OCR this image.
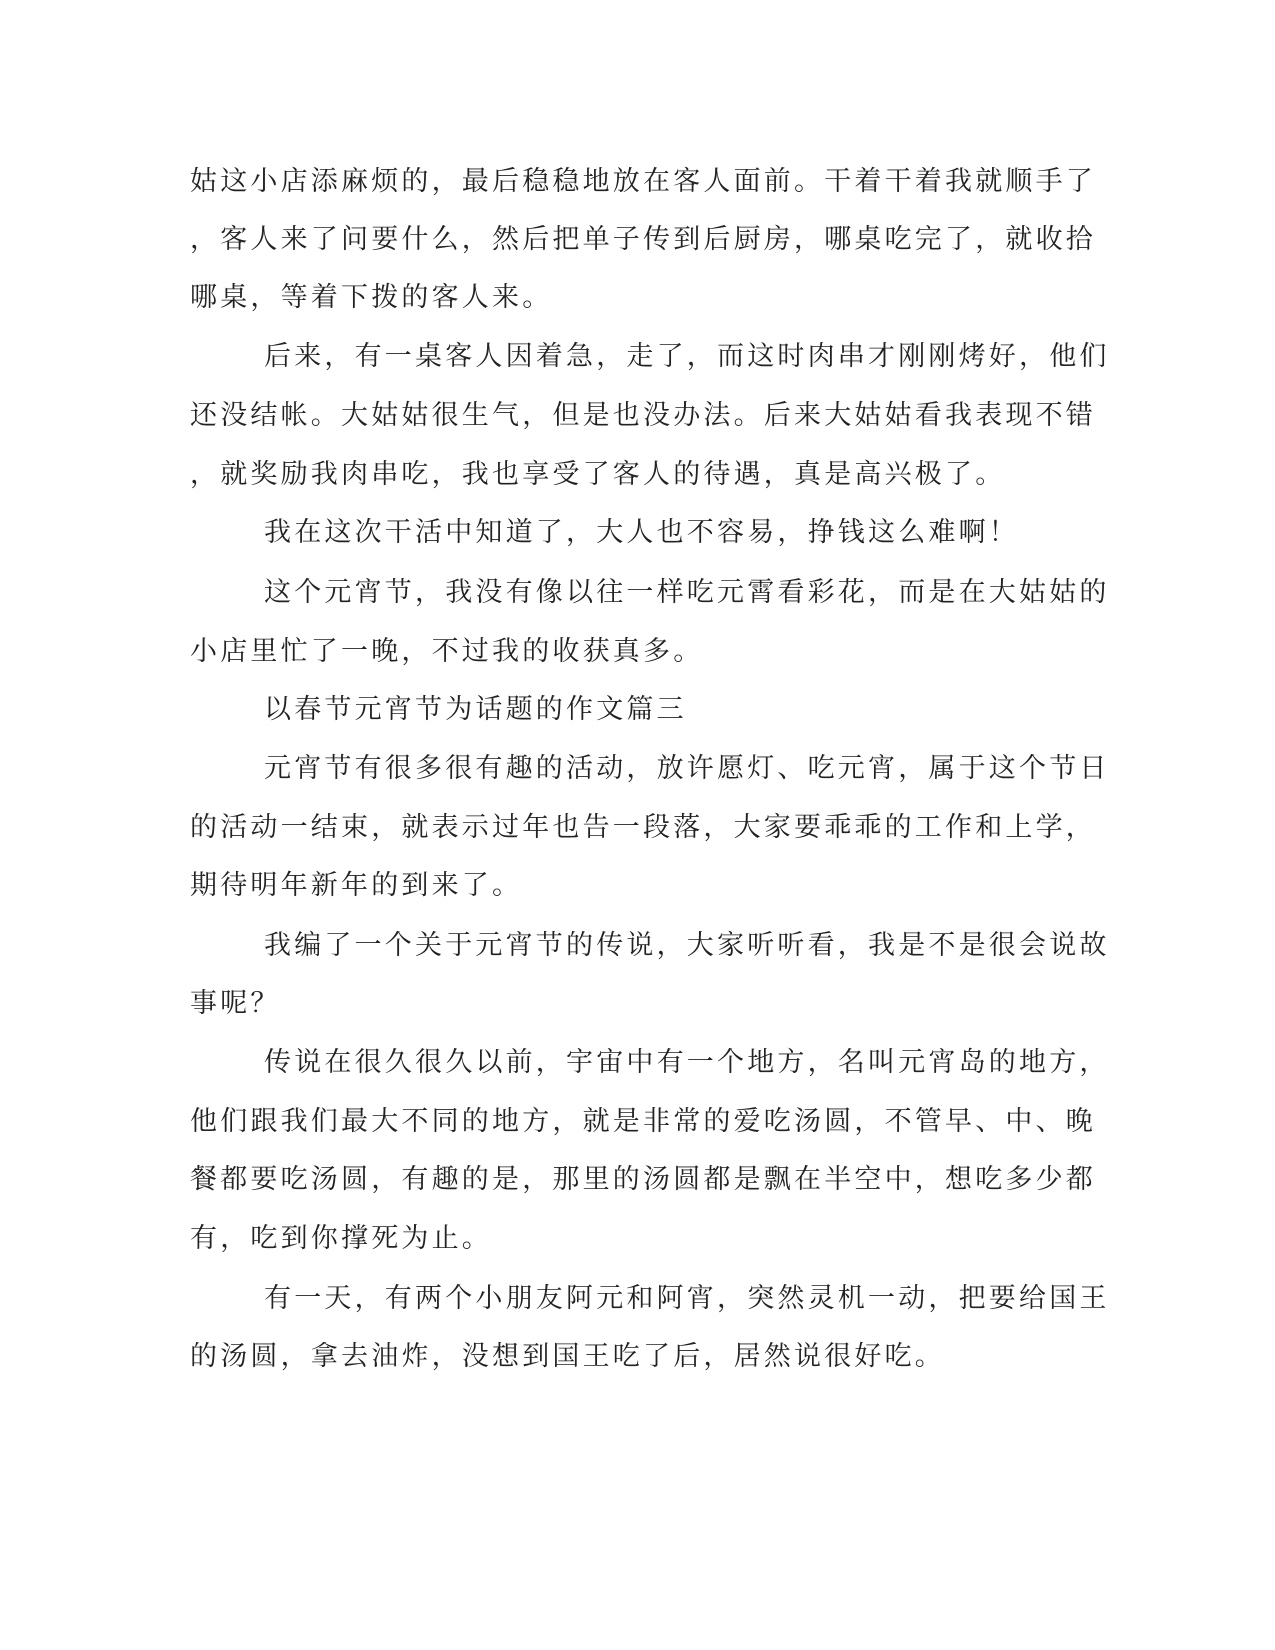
姑这小店添麻烦的，最后稳稳地放在客人面前。干着干着我就顺手了
，客人来了问要什么，然后把单子传到后厨房，哪桌吃完了，就收拾
哪桌，等着下拨的客人来。
后来，有一桌客人因着急，走了，而这时肉串才刚刚烤好，他们
还没结帐。大姑姑很生气，但是也没办法。后来大姑姑看我表现不错
，就奖励我肉串吃，我也享受了客人的待遇，真是高兴极了。
我在这次干活中知道了，大人也不容易，挣钱这么难啊！
这个元宵节，我没有像以往一样吃元霄看彩花，而是在大姑姑的
小店里忙了一晚，不过我的收获真多。
以春节元宵节为话题的作文篇三
元宵节有很多很有趣的活动，放许愿灯、吃元宵，属于这个节日
的活动一结束，就表示过年也告一段落，大家要乖乖的工作和上学，
期待明年新年的到来了。
我编了一个关于元宵节的传说，大家听听看，我是不是很会说故
事呢？
传说在很久很久以前，宇宙中有一个地方，名叫元宵岛的地方，
他们跟我们最大不同的地方，就是非常的爱吃汤圆，不管早、中、晚
餐都要吃汤圆，有趣的是，那里的汤圆都是飘在半空中，想吃多少都
有，吃到你撑死为止。
有一天，有两个小朋友阿元和阿宵，突然灵机一动，把要给国王
的汤圆，拿去油炸，没想到国王吃了后，居然说很好吃。
